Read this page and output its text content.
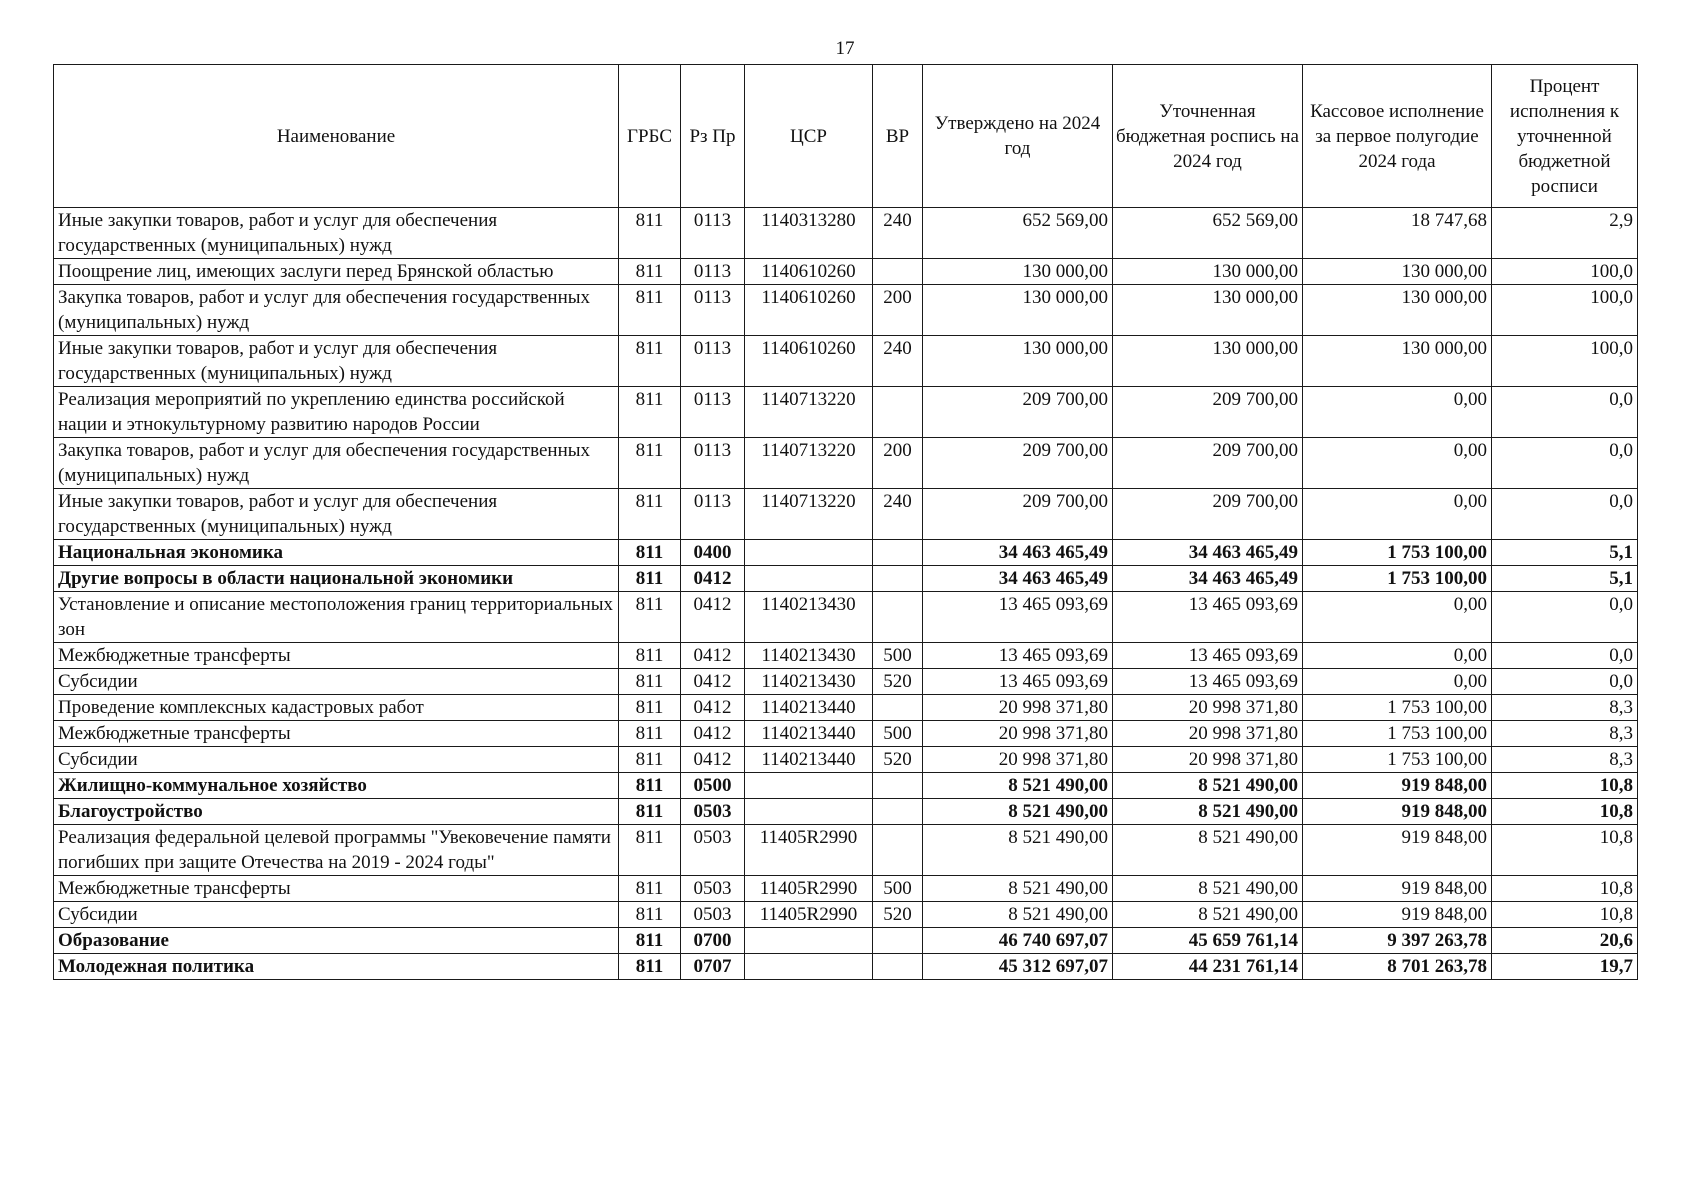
17
Наименование	ГРБС	Рз Пр	ЦСР	ВР	Утверждено на 2024 год	Уточненная бюджетная роспись на 2024 год	Кассовое исполнение за первое полугодие 2024 года	Процент исполнения к уточненной бюджетной росписи
Иные закупки товаров, работ и услуг для обеспечения государственных (муниципальных) нужд	811	0113	1140313280	240	652 569,00	652 569,00	18 747,68	2,9
Поощрение лиц, имеющих заслуги перед Брянской областью	811	0113	1140610260		130 000,00	130 000,00	130 000,00	100,0
Закупка товаров, работ и услуг для обеспечения государственных (муниципальных) нужд	811	0113	1140610260	200	130 000,00	130 000,00	130 000,00	100,0
Иные закупки товаров, работ и услуг для обеспечения государственных (муниципальных) нужд	811	0113	1140610260	240	130 000,00	130 000,00	130 000,00	100,0
Реализация мероприятий по укреплению единства российской нации и этнокультурному развитию народов России	811	0113	1140713220		209 700,00	209 700,00	0,00	0,0
Закупка товаров, работ и услуг для обеспечения государственных (муниципальных) нужд	811	0113	1140713220	200	209 700,00	209 700,00	0,00	0,0
Иные закупки товаров, работ и услуг для обеспечения государственных (муниципальных) нужд	811	0113	1140713220	240	209 700,00	209 700,00	0,00	0,0
Национальная экономика	811	0400			34 463 465,49	34 463 465,49	1 753 100,00	5,1
Другие вопросы в области национальной экономики	811	0412			34 463 465,49	34 463 465,49	1 753 100,00	5,1
Установление и описание местоположения границ территориальных зон	811	0412	1140213430		13 465 093,69	13 465 093,69	0,00	0,0
Межбюджетные трансферты	811	0412	1140213430	500	13 465 093,69	13 465 093,69	0,00	0,0
Субсидии	811	0412	1140213430	520	13 465 093,69	13 465 093,69	0,00	0,0
Проведение комплексных кадастровых работ	811	0412	1140213440		20 998 371,80	20 998 371,80	1 753 100,00	8,3
Межбюджетные трансферты	811	0412	1140213440	500	20 998 371,80	20 998 371,80	1 753 100,00	8,3
Субсидии	811	0412	1140213440	520	20 998 371,80	20 998 371,80	1 753 100,00	8,3
Жилищно-коммунальное хозяйство	811	0500			8 521 490,00	8 521 490,00	919 848,00	10,8
Благоустройство	811	0503			8 521 490,00	8 521 490,00	919 848,00	10,8
Реализация федеральной целевой программы "Увековечение памяти погибших при защите Отечества на 2019 - 2024 годы"	811	0503	11405R2990		8 521 490,00	8 521 490,00	919 848,00	10,8
Межбюджетные трансферты	811	0503	11405R2990	500	8 521 490,00	8 521 490,00	919 848,00	10,8
Субсидии	811	0503	11405R2990	520	8 521 490,00	8 521 490,00	919 848,00	10,8
Образование	811	0700			46 740 697,07	45 659 761,14	9 397 263,78	20,6
Молодежная политика	811	0707			45 312 697,07	44 231 761,14	8 701 263,78	19,7
